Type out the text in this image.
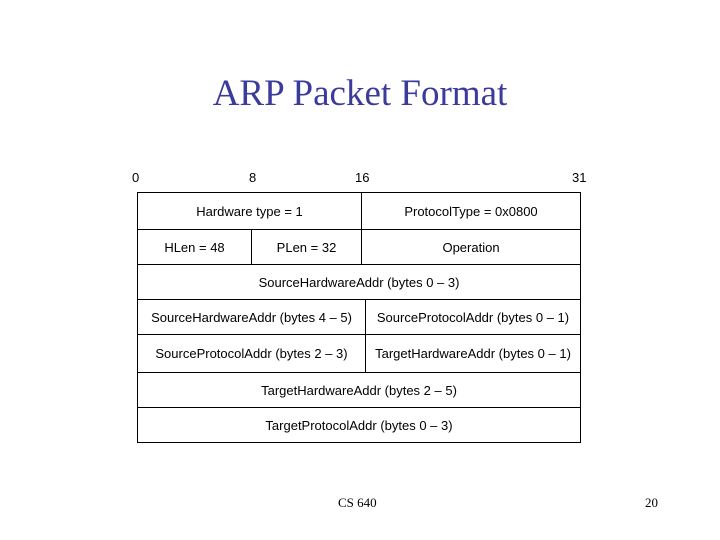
ARP Packet Format
0	8	16	31
Hardware type = 1	ProtocolType = 0x0800
HLen = 48	PLen = 32	Operation
SourceHardwareAddr (bytes 0 – 3)
SourceHardwareAddr (bytes 4 – 5)	SourceProtocolAddr (bytes 0 – 1)
SourceProtocolAddr (bytes 2 – 3)	TargetHardwareAddr (bytes 0 – 1)
TargetHardwareAddr (bytes 2 – 5)
TargetProtocolAddr (bytes 0 – 3)
CS 640	20
